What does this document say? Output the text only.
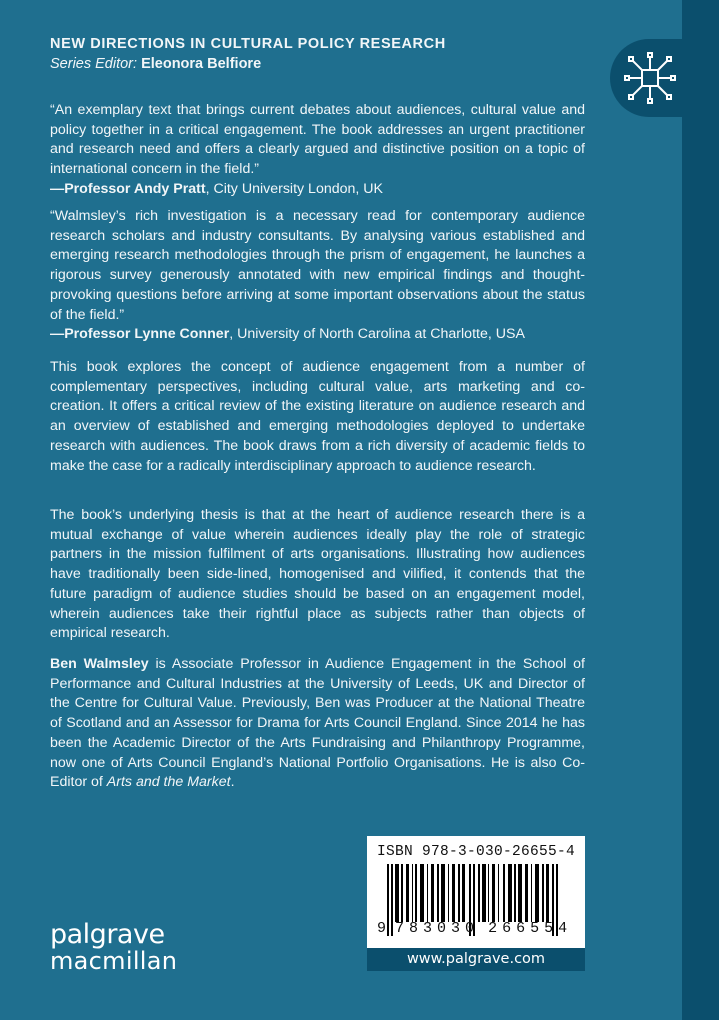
NEW DIRECTIONS IN CULTURAL POLICY RESEARCH
Series Editor: Eleonora Belfiore

“An exemplary text that brings current debates about audiences, cultural value and policy together in a critical engagement. The book addresses an urgent practitioner and research need and offers a clearly argued and distinctive position on a topic of international concern in the field.”

—Professor Andy Pratt, City University London, UK

“Walmsley’s rich investigation is a necessary read for contemporary audience research scholars and industry consultants. By analysing various established and emerging research methodologies through the prism of engagement, he launches a rigorous survey generously annotated with new empirical findings and thought-provoking questions before arriving at some important observations about the status of the field.”

—Professor Lynne Conner, University of North Carolina at Charlotte, USA

This book explores the concept of audience engagement from a number of complementary perspectives, including cultural value, arts marketing and co-creation. It offers a critical review of the existing literature on audience research and an overview of established and emerging methodologies deployed to undertake research with audiences. The book draws from a rich diversity of academic fields to make the case for a radically interdisciplinary approach to audience research.

The book’s underlying thesis is that at the heart of audience research there is a mutual exchange of value wherein audiences ideally play the role of strategic partners in the mission fulfilment of arts organisations. Illustrating how audiences have traditionally been side-lined, homogenised and vilified, it contends that the future paradigm of audience studies should be based on an engagement model, wherein audiences take their rightful place as subjects rather than objects of empirical research.

Ben Walmsley is Associate Professor in Audience Engagement in the School of Performance and Cultural Industries at the University of Leeds, UK and Director of the Centre for Cultural Value. Previously, Ben was Producer at the National Theatre of Scotland and an Assessor for Drama for Arts Council England. Since 2014 he has been the Academic Director of the Arts Fundraising and Philanthropy Programme, now one of Arts Council England’s National Portfolio Organisations. He is also Co-Editor of Arts and the Market.

palgrave
macmillan
ISBN 978-3-030-26655-4
9 783030 266554
www.palgrave.com
